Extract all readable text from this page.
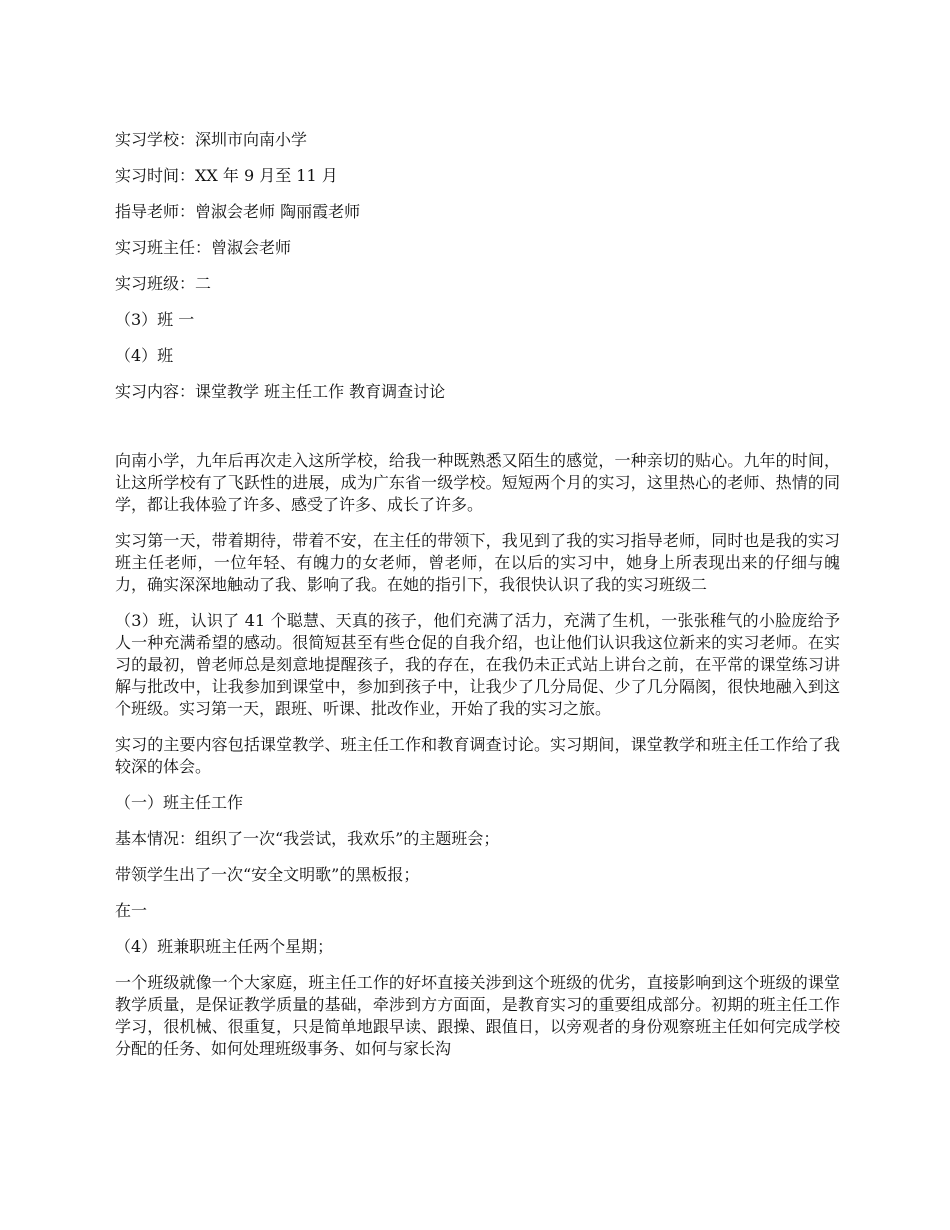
实习学校：深圳市向南小学

实习时间：XX 年 9 月至 11 月

指导老师：曾淑会老师 陶丽霞老师

实习班主任：曾淑会老师

实习班级：二

（3）班 一

（4）班

实习内容：课堂教学 班主任工作 教育调查讨论

向南小学，九年后再次走入这所学校，给我一种既熟悉又陌生的感觉，一种亲切的贴心。九年的时间，让这所学校有了飞跃性的进展，成为广东省一级学校。短短两个月的实习，这里热心的老师、热情的同学，都让我体验了许多、感受了许多、成长了许多。

实习第一天，带着期待，带着不安，在主任的带领下，我见到了我的实习指导老师，同时也是我的实习班主任老师，一位年轻、有魄力的女老师，曾老师，在以后的实习中，她身上所表现出来的仔细与魄力，确实深深地触动了我、影响了我。在她的指引下，我很快认识了我的实习班级二

（3）班，认识了 41 个聪慧、天真的孩子，他们充满了活力，充满了生机，一张张稚气的小脸庞给予人一种充满希望的感动。很简短甚至有些仓促的自我介绍，也让他们认识我这位新来的实习老师。在实习的最初，曾老师总是刻意地提醒孩子，我的存在，在我仍未正式站上讲台之前，在平常的课堂练习讲解与批改中，让我参加到课堂中，参加到孩子中，让我少了几分局促、少了几分隔阂，很快地融入到这个班级。实习第一天，跟班、听课、批改作业，开始了我的实习之旅。

实习的主要内容包括课堂教学、班主任工作和教育调查讨论。实习期间，课堂教学和班主任工作给了我较深的体会。

（一）班主任工作

基本情况：组织了一次“我尝试，我欢乐”的主题班会；

带领学生出了一次“安全文明歌”的黑板报；

在一

（4）班兼职班主任两个星期；

一个班级就像一个大家庭，班主任工作的好坏直接关涉到这个班级的优劣，直接影响到这个班级的课堂教学质量，是保证教学质量的基础，牵涉到方方面面，是教育实习的重要组成部分。初期的班主任工作学习，很机械、很重复，只是简单地跟早读、跟操、跟值日，以旁观者的身份观察班主任如何完成学校分配的任务、如何处理班级事务、如何与家长沟
